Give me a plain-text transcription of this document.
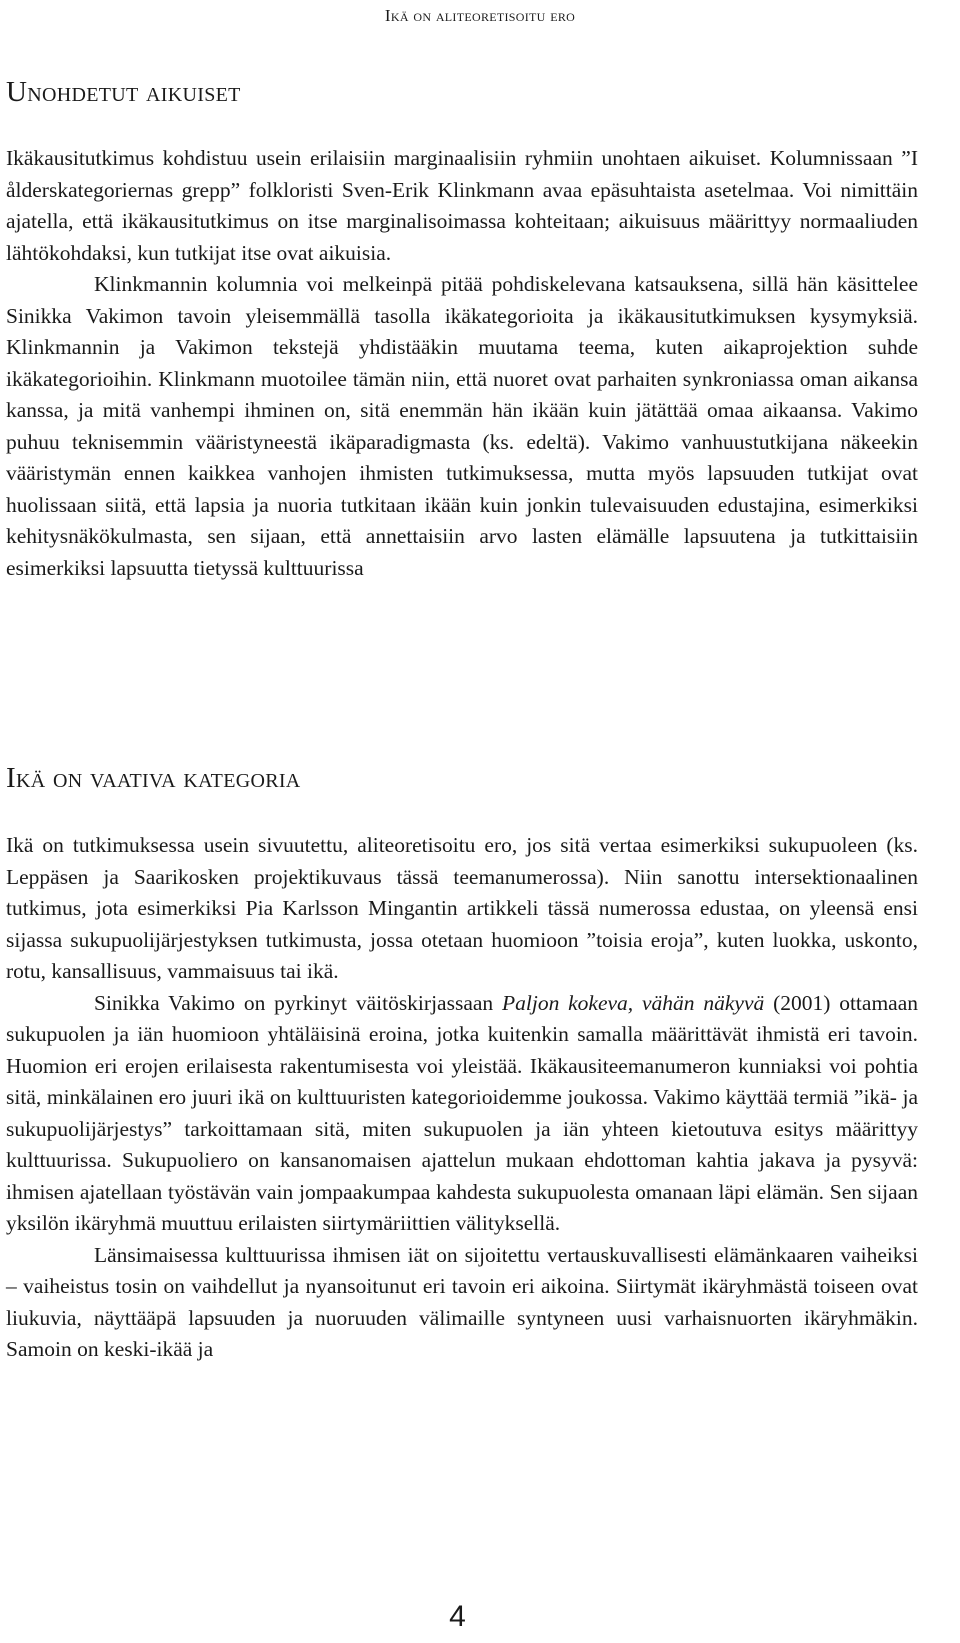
Ikä on aliteoretisoitu ero
Unohdetut aikuiset

Ikäkausitutkimus kohdistuu usein erilaisiin marginaalisiin ryhmiin unohtaen aikuiset. Kolumnissaan ”I ålderskategoriernas grepp” folkloristi Sven-Erik Klinkmann avaa epäsuhtaista asetelmaa. Voi nimittäin ajatella, että ikäkausitutkimus on itse marginalisoimassa kohteitaan; aikuisuus määrittyy normaaliuden lähtökohdaksi, kun tutkijat itse ovat aikuisia.

Klinkmannin kolumnia voi melkeinpä pitää pohdiskelevana katsauksena, sillä hän käsittelee Sinikka Vakimon tavoin yleisemmällä tasolla ikäkategorioita ja ikäkausitutkimuksen kysymyksiä. Klinkmannin ja Vakimon tekstejä yhdistääkin muutama teema, kuten aikaprojektion suhde ikäkategorioihin. Klinkmann muotoilee tämän niin, että nuoret ovat parhaiten synkroniassa oman aikansa kanssa, ja mitä vanhempi ihminen on, sitä enemmän hän ikään kuin jätättää omaa aikaansa. Vakimo puhuu teknisemmin vääristyneestä ikäparadigmasta (ks. edeltä). Vakimo vanhuustutkijana näkeekin vääristymän ennen kaikkea vanhojen ihmisten tutkimuksessa, mutta myös lapsuuden tutkijat ovat huolissaan siitä, että lapsia ja nuoria tutkitaan ikään kuin jonkin tulevaisuuden edustajina, esimerkiksi kehitysnäkökulmasta, sen sijaan, että annettaisiin arvo lasten elämälle lapsuutena ja tutkittaisiin esimerkiksi lapsuutta tietyssä kulttuurissa

Ikä on vaativa kategoria

Ikä on tutkimuksessa usein sivuutettu, aliteoretisoitu ero, jos sitä vertaa esimerkiksi sukupuoleen (ks. Leppäsen ja Saarikosken projektikuvaus tässä teemanumerossa). Niin sanottu intersektionaalinen tutkimus, jota esimerkiksi Pia Karlsson Mingantin artikkeli tässä numerossa edustaa, on yleensä ensi sijassa sukupuolijärjestyksen tutkimusta, jossa otetaan huomioon ”toisia eroja”, kuten luokka, uskonto, rotu, kansallisuus, vammaisuus tai ikä.

Sinikka Vakimo on pyrkinyt väitöskirjassaan Paljon kokeva, vähän näkyvä (2001) ottamaan sukupuolen ja iän huomioon yhtäläisinä eroina, jotka kuitenkin samalla määrittävät ihmistä eri tavoin. Huomion eri erojen erilaisesta rakentumisesta voi yleistää. Ikäkausiteemanumeron kunniaksi voi pohtia sitä, minkälainen ero juuri ikä on kulttuuristen kategorioidemme joukossa. Vakimo käyttää termiä ”ikä- ja sukupuolijärjestys” tarkoittamaan sitä, miten sukupuolen ja iän yhteen kietoutuva esitys määrittyy kulttuurissa. Sukupuoliero on kansanomaisen ajattelun mukaan ehdottoman kahtia jakava ja pysyvä: ihmisen ajatellaan työstävän vain jompaakumpaa kahdesta sukupuolesta omanaan läpi elämän. Sen sijaan yksilön ikäryhmä muuttuu erilaisten siirtymäriittien välityksellä.

Länsimaisessa kulttuurissa ihmisen iät on sijoitettu vertauskuvallisesti elämänkaaren vaiheiksi – vaiheistus tosin on vaihdellut ja nyansoitunut eri tavoin eri aikoina. Siirtymät ikäryhmästä toiseen ovat liukuvia, näyttääpä lapsuuden ja nuoruuden välimaille syntyneen uusi varhaisnuorten ikäryhmäkin. Samoin on keski-ikää ja

4
